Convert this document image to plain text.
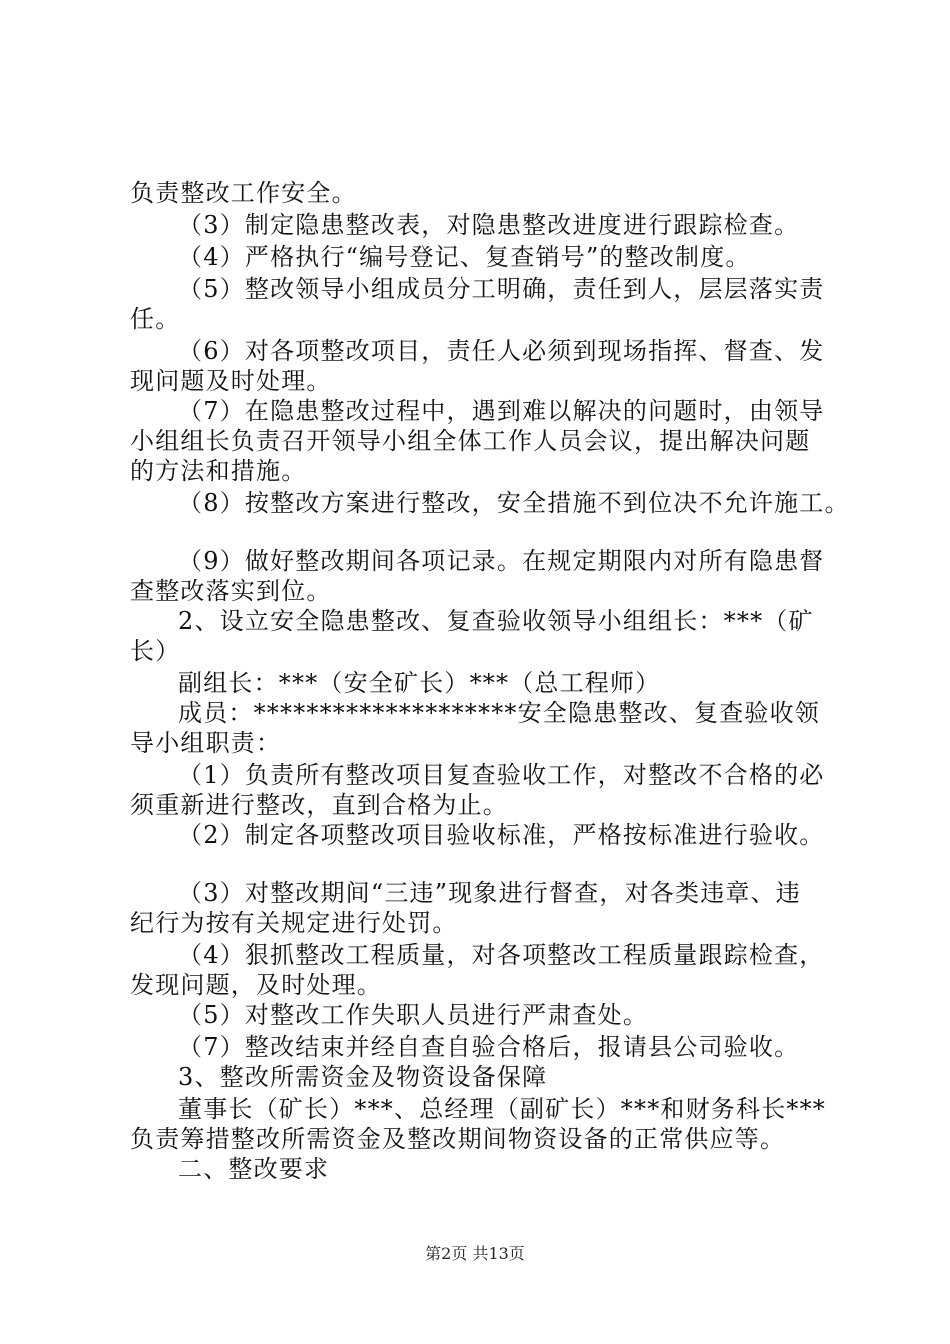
负责整改工作安全。
（3）制定隐患整改表，对隐患整改进度进行跟踪检查。
（4）严格执行“编号登记、复查销号”的整改制度。
（5）整改领导小组成员分工明确，责任到人，层层落实责
任。
（6）对各项整改项目，责任人必须到现场指挥、督查、发
现问题及时处理。
（7）在隐患整改过程中，遇到难以解决的问题时，由领导
小组组长负责召开领导小组全体工作人员会议，提出解决问题
的方法和措施。
（8）按整改方案进行整改，安全措施不到位决不允许施工。
（9）做好整改期间各项记录。在规定期限内对所有隐患督
查整改落实到位。
2、设立安全隐患整改、复查验收领导小组组长：***（矿
长）
副组长：***（安全矿长）***（总工程师）
成员：********************安全隐患整改、复查验收领
导小组职责：
（1）负责所有整改项目复查验收工作，对整改不合格的必
须重新进行整改，直到合格为止。
（2）制定各项整改项目验收标准，严格按标准进行验收。
（3）对整改期间“三违”现象进行督查，对各类违章、违
纪行为按有关规定进行处罚。
（4）狠抓整改工程质量，对各项整改工程质量跟踪检查，
发现问题，及时处理。
（5）对整改工作失职人员进行严肃查处。
（7）整改结束并经自查自验合格后，报请县公司验收。
3、整改所需资金及物资设备保障
董事长（矿长）***、总经理（副矿长）***和财务科长***
负责筹措整改所需资金及整改期间物资设备的正常供应等。
二、整改要求
第2页 共13页
